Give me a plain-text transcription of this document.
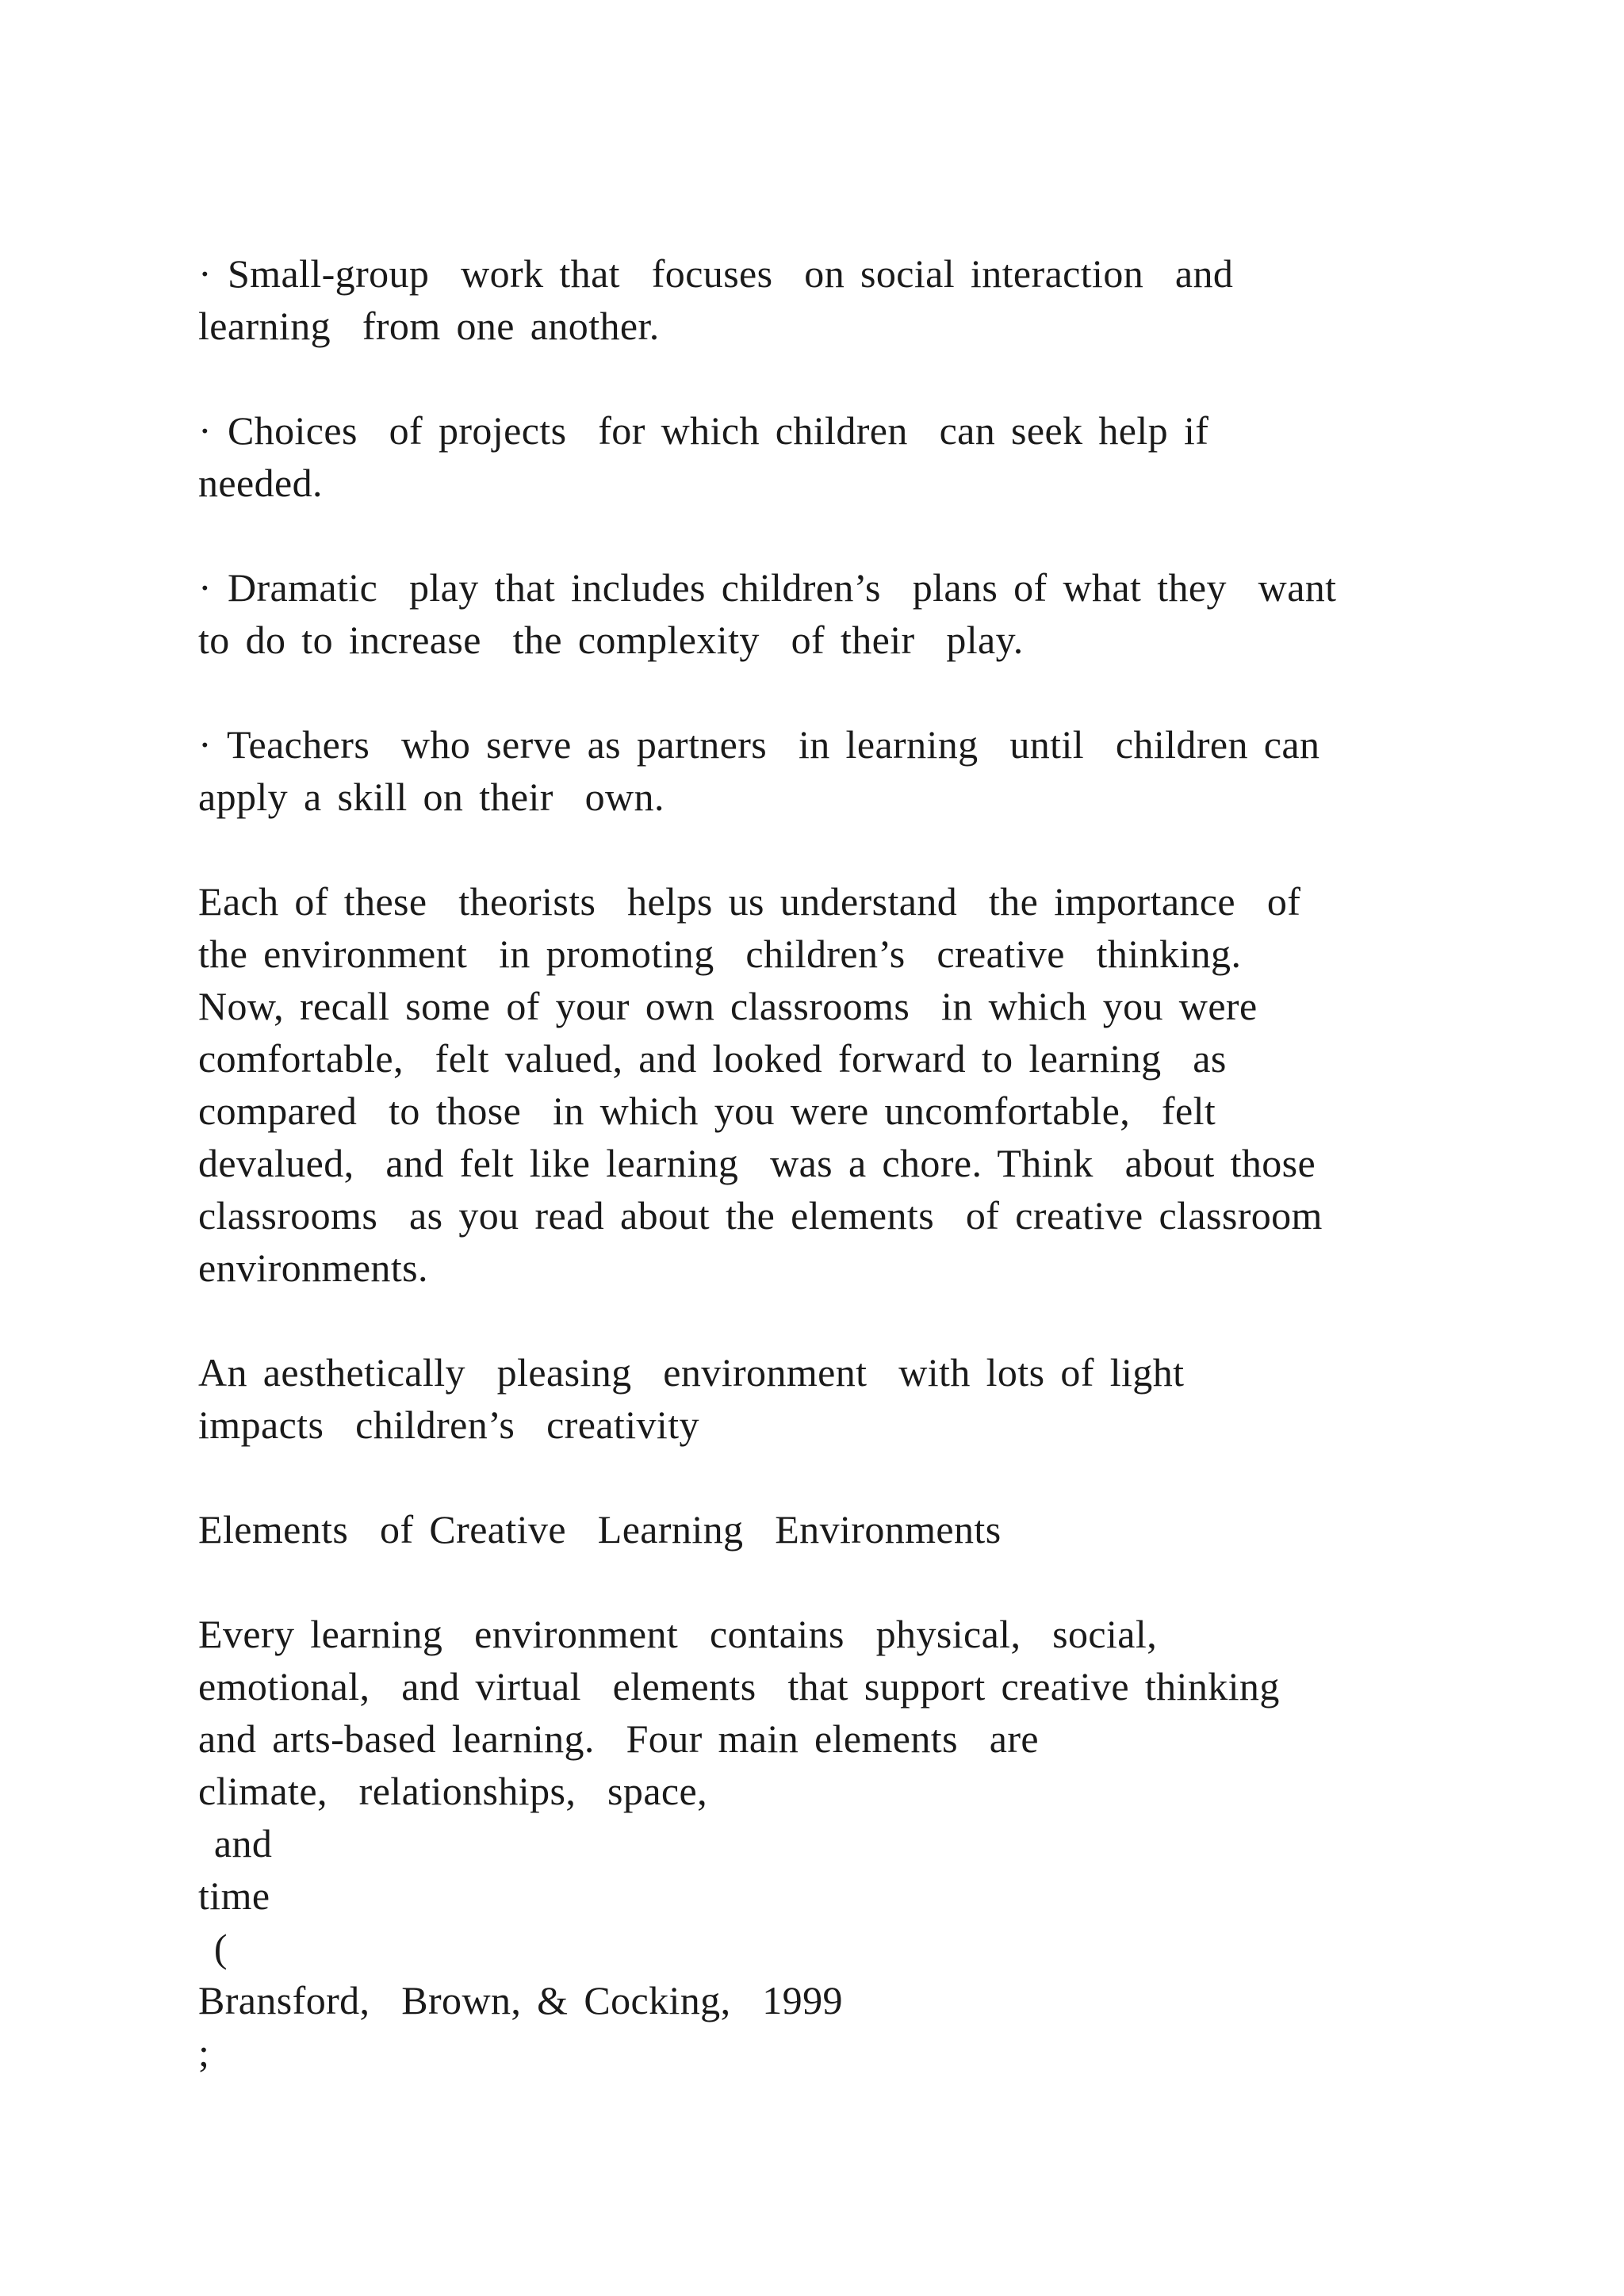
· Small-group  work that  focuses  on social interaction  and
learning  from one another.

· Choices  of projects  for which children  can seek help if
needed.

· Dramatic  play that includes children’s  plans of what they  want
to do to increase  the complexity  of their  play.

· Teachers  who serve as partners  in learning  until  children can
apply a skill on their  own.

Each of these  theorists  helps us understand  the importance  of
the environment  in promoting  children’s  creative  thinking.
Now, recall some of your own classrooms  in which you were
comfortable,  felt valued, and looked forward to learning  as
compared  to those  in which you were uncomfortable,  felt
devalued,  and felt like learning  was a chore. Think  about those
classrooms  as you read about the elements  of creative classroom
environments.

An aesthetically  pleasing  environment  with lots of light
impacts  children’s  creativity

Elements  of Creative  Learning  Environments

Every learning  environment  contains  physical,  social,
emotional,  and virtual  elements  that support creative thinking
and arts-based learning.  Four main elements  are
climate,  relationships,  space,
and
time
(
Bransford,  Brown, & Cocking,  1999
;
